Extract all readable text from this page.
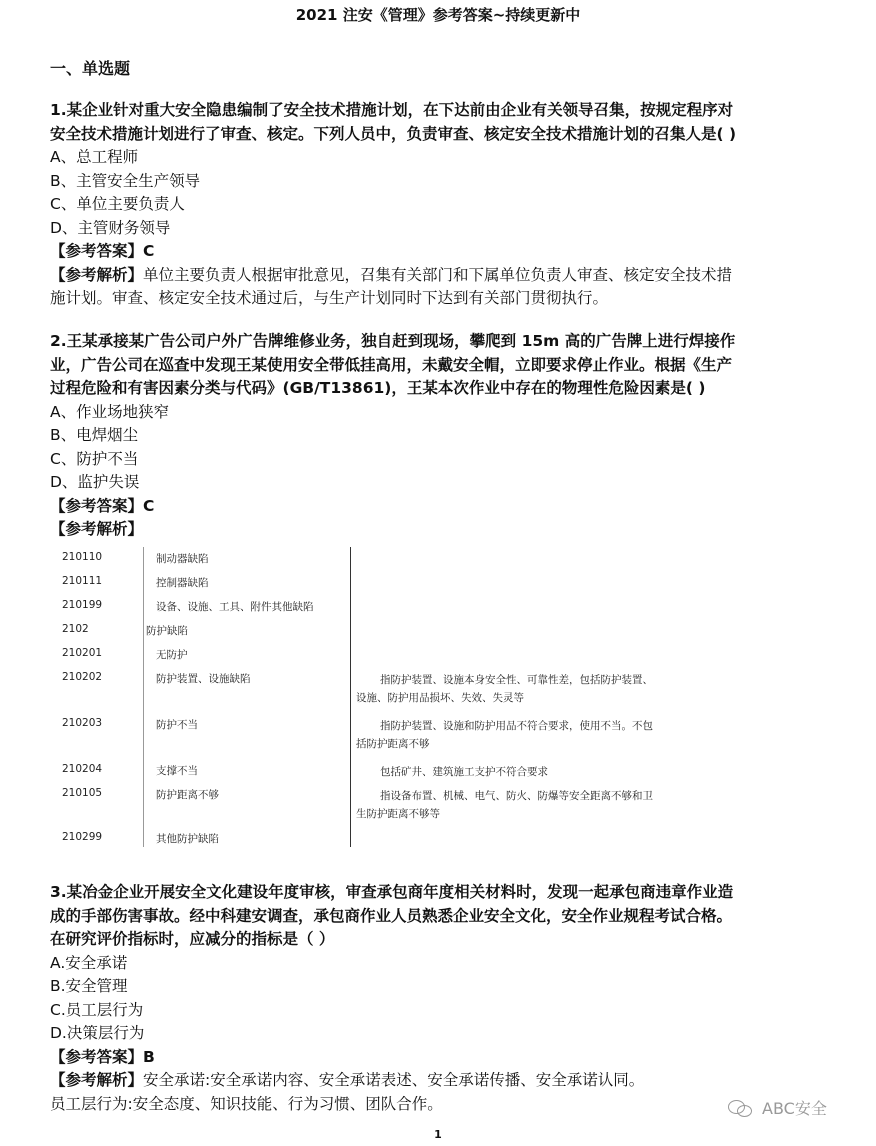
2021 注安《管理》参考答案~持续更新中
一、单选题

1.某企业针对重大安全隐患编制了安全技术措施计划，在下达前由企业有关领导召集，按规定程序对

安全技术措施计划进行了审查、核定。下列人员中，负责审查、核定安全技术措施计划的召集人是( )

A、总工程师

B、主管安全生产领导

C、单位主要负责人

D、主管财务领导

【参考答案】C

【参考解析】单位主要负责人根据审批意见，召集有关部门和下属单位负责人审查、核定安全技术措

施计划。审查、核定安全技术通过后，与生产计划同时下达到有关部门贯彻执行。

2.王某承接某广告公司户外广告牌维修业务，独自赶到现场，攀爬到 15m 高的广告牌上进行焊接作

业，广告公司在巡查中发现王某使用安全带低挂高用，未戴安全帽，立即要求停止作业。根据《生产

过程危险和有害因素分类与代码》(GB/T13861)，王某本次作业中存在的物理性危险因素是( )

A、作业场地狭窄

B、电焊烟尘

C、防护不当

D、监护失误

【参考答案】C

【参考解析】

210110	制动器缺陷
210111	控制器缺陷
210199	设备、设施、工具、附件其他缺陷
2102	防护缺陷
210201	无防护
210202	防护装置、设施缺陷	指防护装置、设施本身安全性、可靠性差，包括防护装置、设施、防护用品损坏、失效、失灵等
210203	防护不当	指防护装置、设施和防护用品不符合要求，使用不当。不包括防护距离不够
210204	支撑不当	包括矿井、建筑施工支护不符合要求
210105	防护距离不够	指设备布置、机械、电气、防火、防爆等安全距离不够和卫生防护距离不够等
210299	其他防护缺陷

3.某冶金企业开展安全文化建设年度审核，审查承包商年度相关材料时，发现一起承包商违章作业造

成的手部伤害事故。经中科建安调查，承包商作业人员熟悉企业安全文化，安全作业规程考试合格。

在研究评价指标时，应减分的指标是（ ）

A.安全承诺

B.安全管理

C.员工层行为

D.决策层行为

【参考答案】B

【参考解析】安全承诺:安全承诺内容、安全承诺表述、安全承诺传播、安全承诺认同。

员工层行为:安全态度、知识技能、行为习惯、团队合作。

1
ABC安全
